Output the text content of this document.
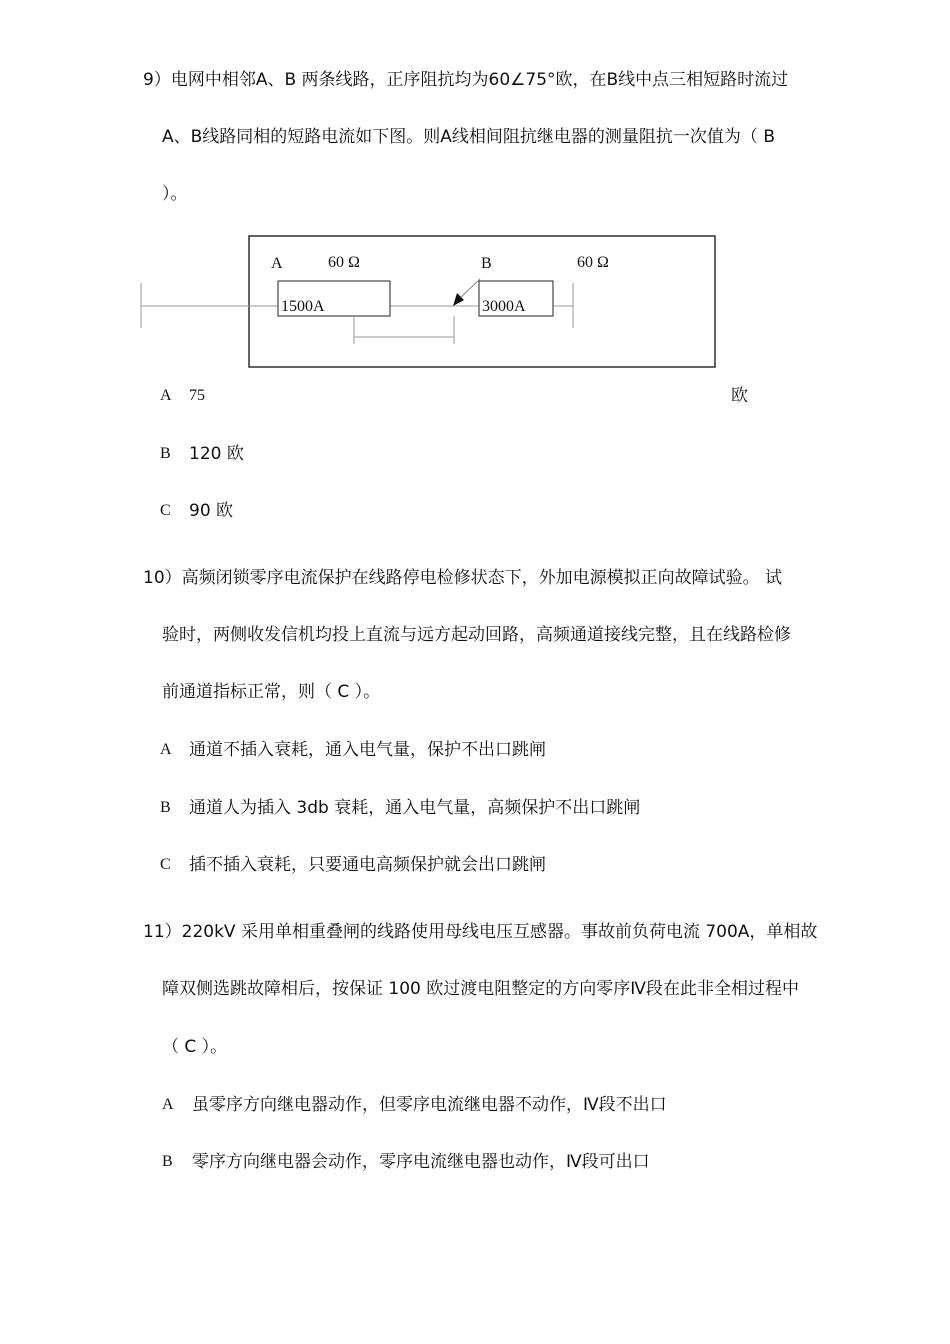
9）电网中相邻A、B 两条线路，正序阻抗均为60∠75°欧，在B线中点三相短路时流过
A、B线路同相的短路电流如下图。则A线相间阻抗继电器的测量阻抗一次值为（ B
）。
A	60 Ω	B	60 Ω
1500A	3000A
A 75	欧
B 120 欧
C 90 欧
10）高频闭锁零序电流保护在线路停电检修状态下，外加电源模拟正向故障试验。 试
验时，两侧收发信机均投上直流与远方起动回路，高频通道接线完整，且在线路检修
前通道指标正常，则（ C ）。
A 通道不插入衰耗，通入电气量，保护不出口跳闸
B 通道人为插入 3db 衰耗，通入电气量，高频保护不出口跳闸
C 插不插入衰耗，只要通电高频保护就会出口跳闸
11）220kV 采用单相重叠闸的线路使用母线电压互感器。事故前负荷电流 700A，单相故
障双侧选跳故障相后，按保证 100 欧过渡电阻整定的方向零序Ⅳ段在此非全相过程中
（ C ）。
A 虽零序方向继电器动作，但零序电流继电器不动作，Ⅳ段不出口
B 零序方向继电器会动作，零序电流继电器也动作，Ⅳ段可出口
